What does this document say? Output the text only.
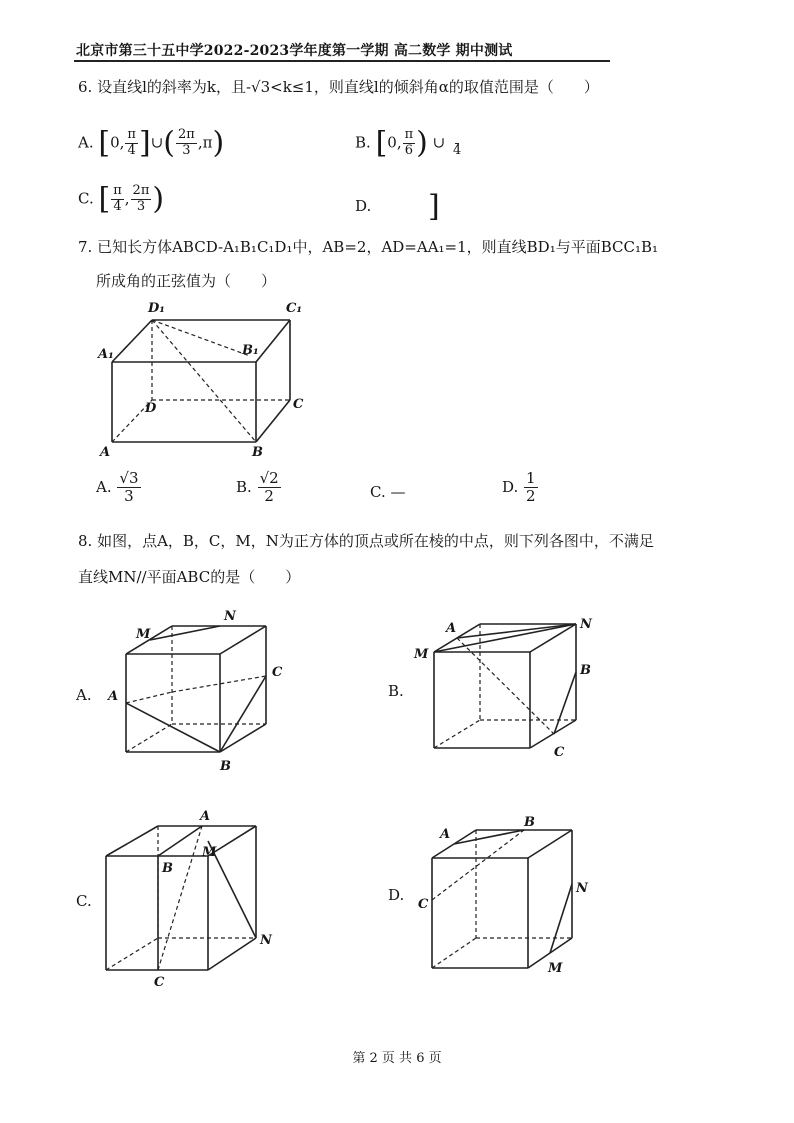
北京市第三十五中学2022-2023学年度第一学期 高二数学 期中测试
6. 设直线l的斜率为k，且-√3<k≤1，则直线l的倾斜角α的取值范围是（　　）
A. [0, $\frac{\pi}{4}$ ]∪( $\frac{2\pi}{3} ,\pi$)	B. [0, $\frac{\pi}{6}$ ) ∪ 4
C. [ $\frac{\pi}{4}$ , $\frac{2\pi}{3}$ )	D. ]
7. 已知长方体ABCD-A₁B₁C₁D₁中，AB=2，AD=AA₁=1，则直线BD₁与平面BCC₁B₁
所成角的正弦值为（　　）
D₁	C₁
A₁	B₁
D	C
A	B
A. $\frac{√3}{3}$	B. $\frac{√2}{2}$	C. —	D. $\frac{1}{2}$
8. 如图，点A，B，C，M，N为正方体的顶点或所在棱的中点，则下列各图中，不满足
直线MN//平面ABC的是（　　）
A.
M
N
A
B
C
B.
M
N
A
B
C
C.
A
B
C
M
N
D.
A
B
C
M
N
第 2 页 共 6 页
